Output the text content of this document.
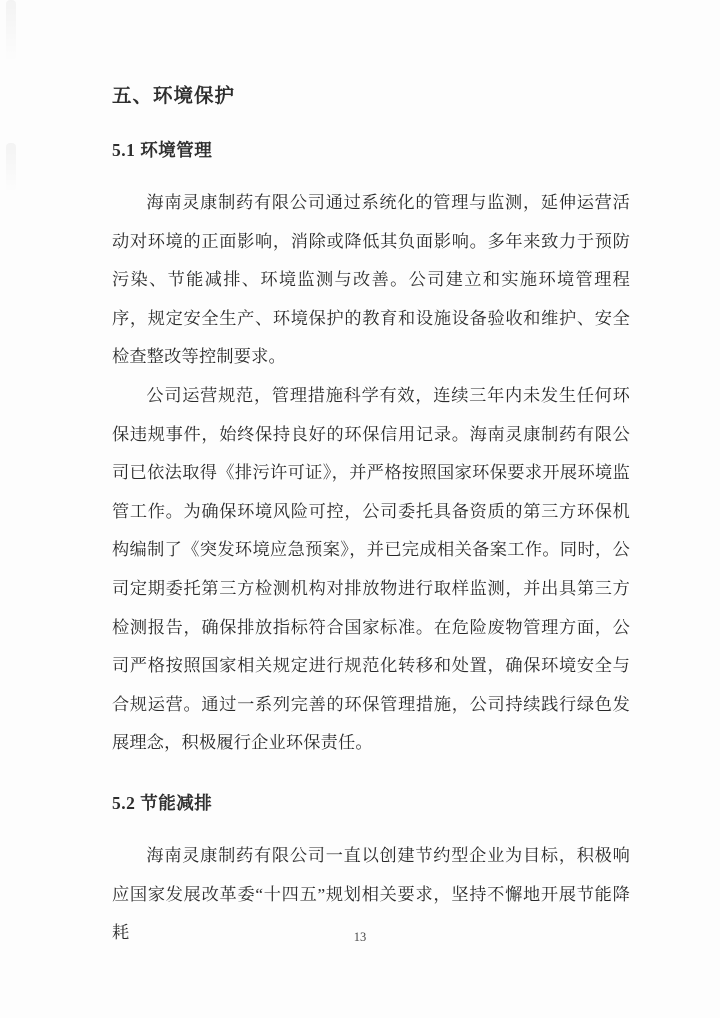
五、环境保护
5.1 环境管理

海南灵康制药有限公司通过系统化的管理与监测，延伸运营活动对环境的正面影响，消除或降低其负面影响。多年来致力于预防污染、节能减排、环境监测与改善。公司建立和实施环境管理程序，规定安全生产、环境保护的教育和设施设备验收和维护、安全检查整改等控制要求。

公司运营规范，管理措施科学有效，连续三年内未发生任何环保违规事件，始终保持良好的环保信用记录。海南灵康制药有限公司已依法取得《排污许可证》，并严格按照国家环保要求开展环境监管工作。为确保环境风险可控，公司委托具备资质的第三方环保机构编制了《突发环境应急预案》，并已完成相关备案工作。同时，公司定期委托第三方检测机构对排放物进行取样监测，并出具第三方检测报告，确保排放指标符合国家标准。在危险废物管理方面，公司严格按照国家相关规定进行规范化转移和处置，确保环境安全与合规运营。通过一系列完善的环保管理措施，公司持续践行绿色发展理念，积极履行企业环保责任。

5.2 节能减排

海南灵康制药有限公司一直以创建节约型企业为目标，积极响应国家发展改革委“十四五”规划相关要求，坚持不懈地开展节能降耗	13
